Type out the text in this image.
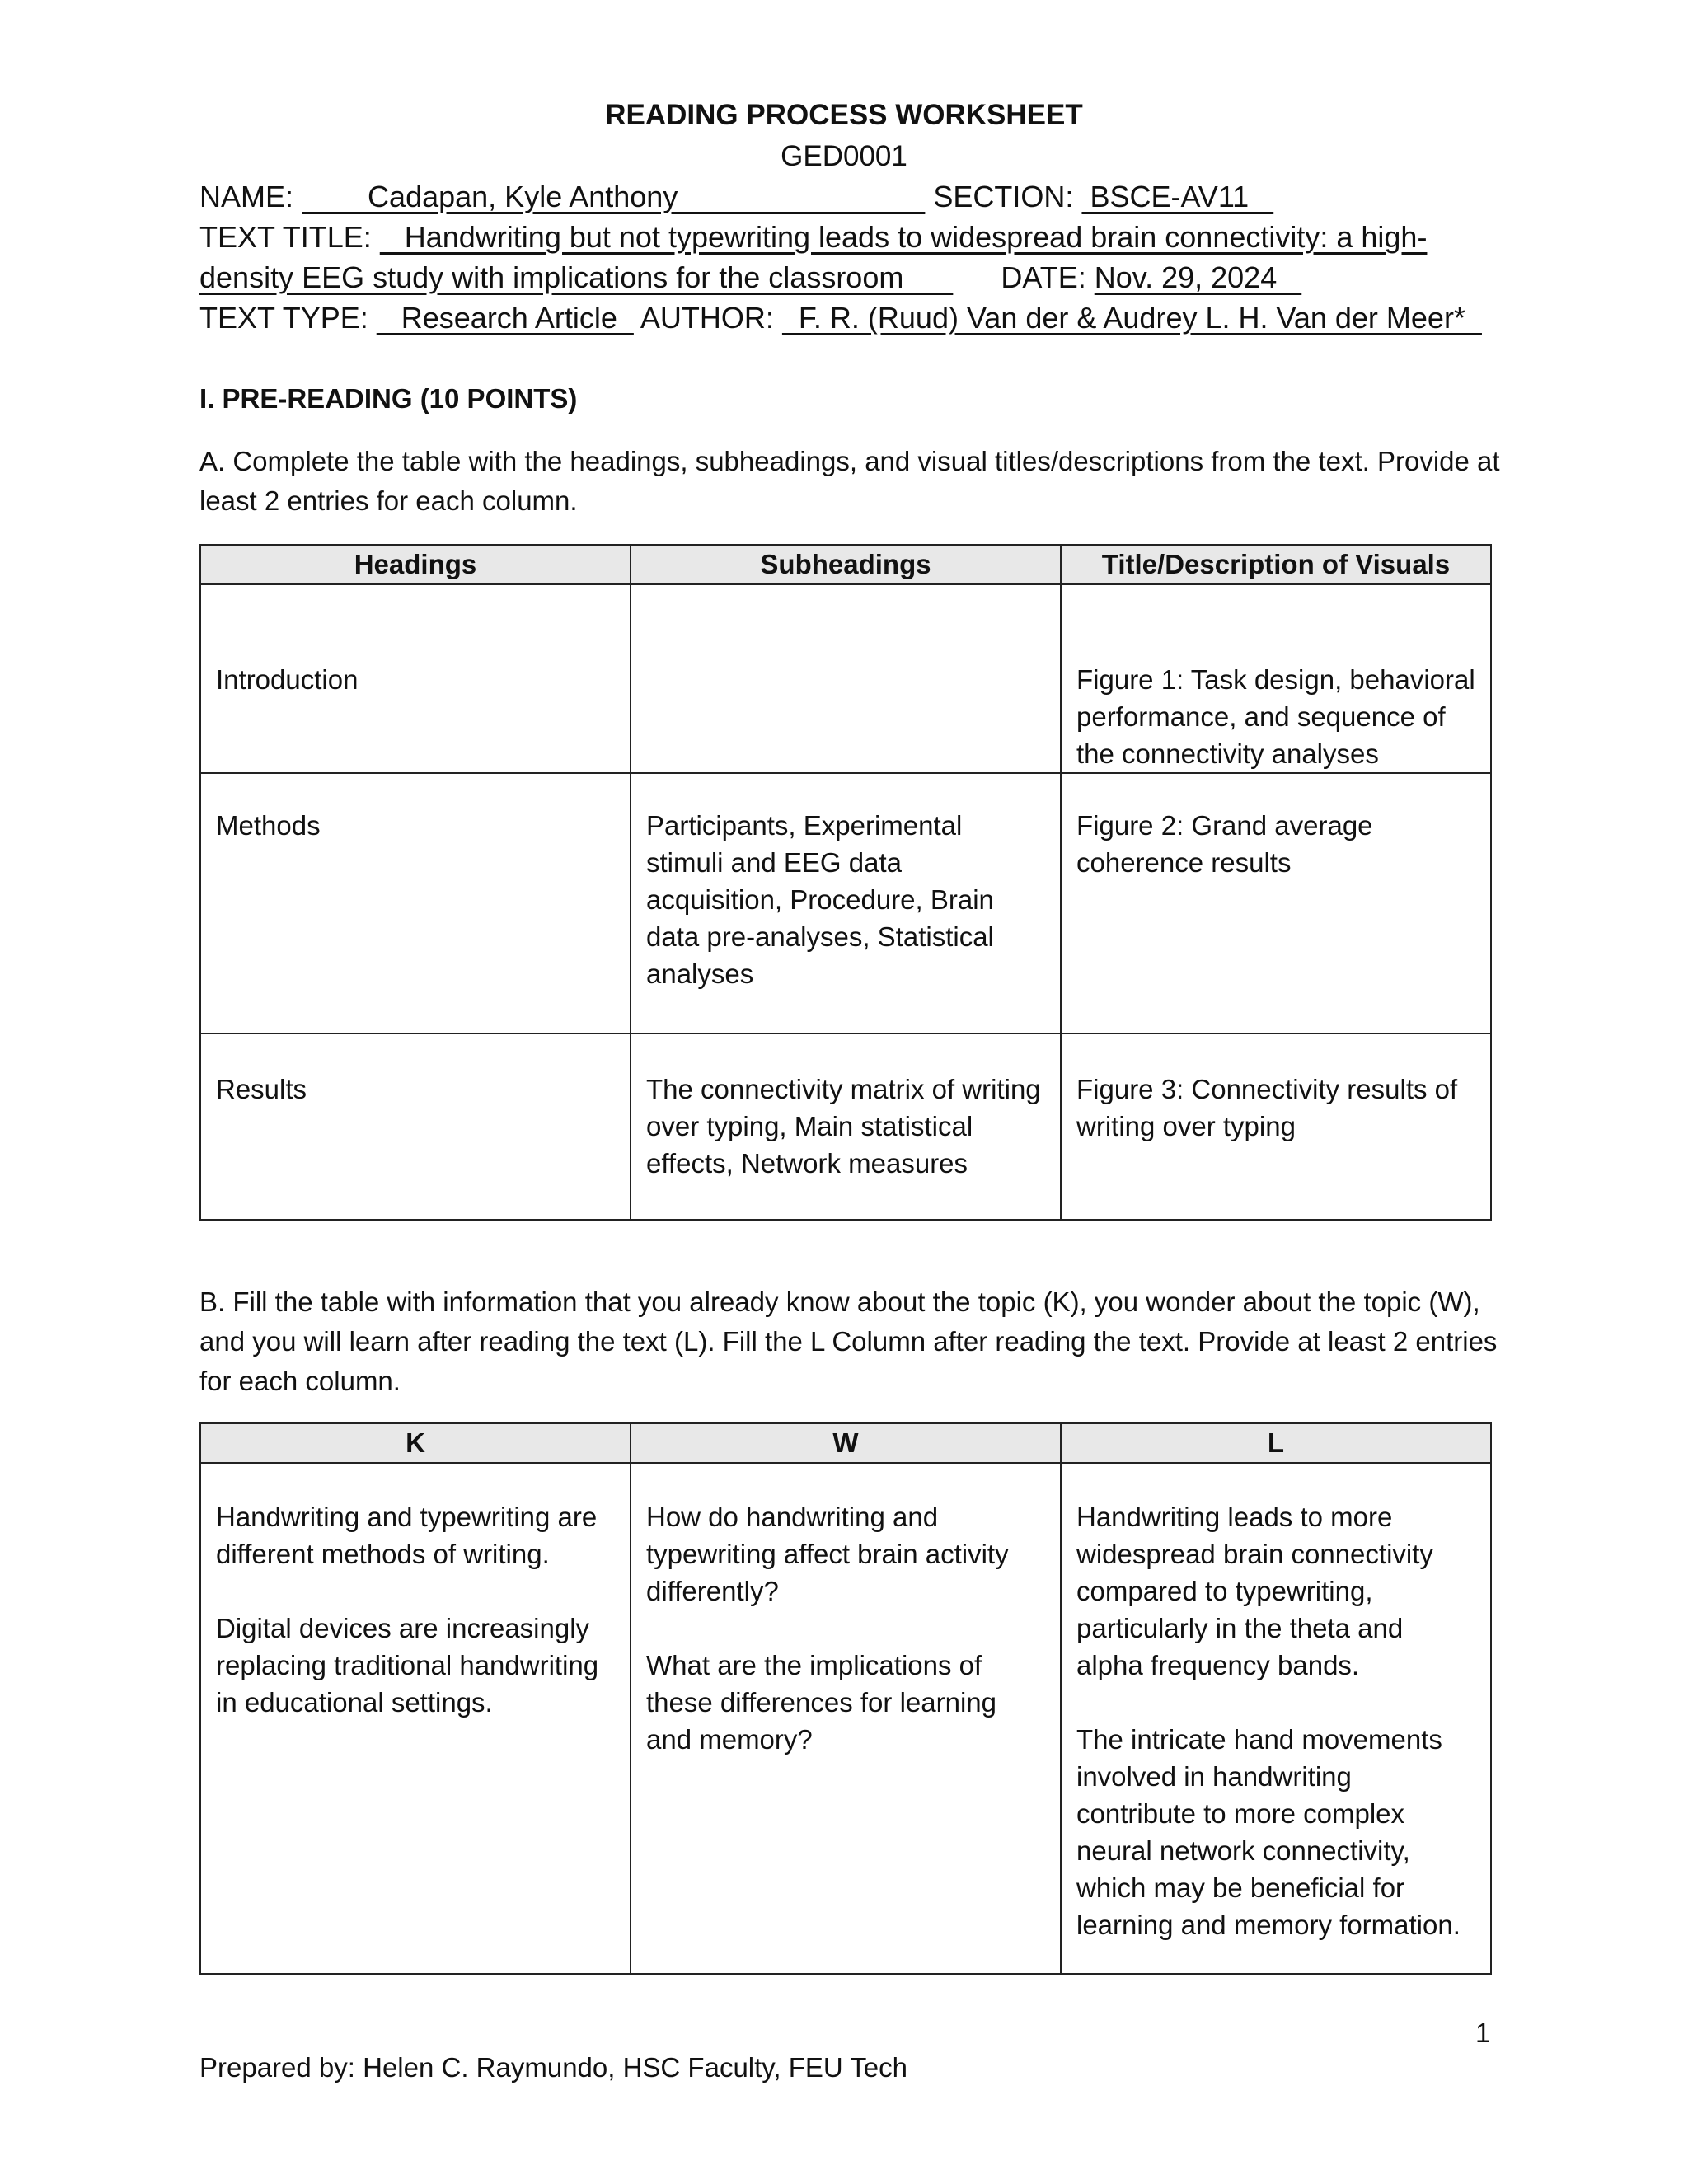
READING PROCESS WORKSHEET
GED0001
NAME:         Cadapan, Kyle Anthony                               SECTION:  BSCE-AV11
TEXT TITLE:    Handwriting but not typewriting leads to widespread brain connectivity: a high-
density EEG study with implications for the classroom        DATE: Nov. 29, 2024
TEXT TYPE:    Research Article   AUTHOR:   F. R. (Ruud) Van der & Audrey L. H. Van der Meer*
I. PRE-READING (10 POINTS)
A. Complete the table with the headings, subheadings, and visual titles/descriptions from the text. Provide at least 2 entries for each column.
Headings	Subheadings	Title/Description of Visuals

Introduction		Figure 1: Task design, behavioral performance, and sequence of the connectivity analyses

Methods	Participants, Experimental stimuli and EEG data acquisition, Procedure, Brain data pre-analyses, Statistical analyses	Figure 2: Grand average coherence results

Results	The connectivity matrix of writing over typing, Main statistical effects, Network measures	Figure 3: Connectivity results of writing over typing
B. Fill the table with information that you already know about the topic (K), you wonder about the topic (W), and you will learn after reading the text (L). Fill the L Column after reading the text. Provide at least 2 entries for each column.
K	W	L

Handwriting and typewriting are different methods of writing.

Digital devices are increasingly replacing traditional handwriting in educational settings.	How do handwriting and typewriting affect brain activity differently?

What are the implications of these differences for learning and memory?	Handwriting leads to more widespread brain connectivity compared to typewriting, particularly in the theta and alpha frequency bands.

The intricate hand movements involved in handwriting contribute to more complex neural network connectivity, which may be beneficial for learning and memory formation.
1
Prepared by: Helen C. Raymundo, HSC Faculty, FEU Tech
